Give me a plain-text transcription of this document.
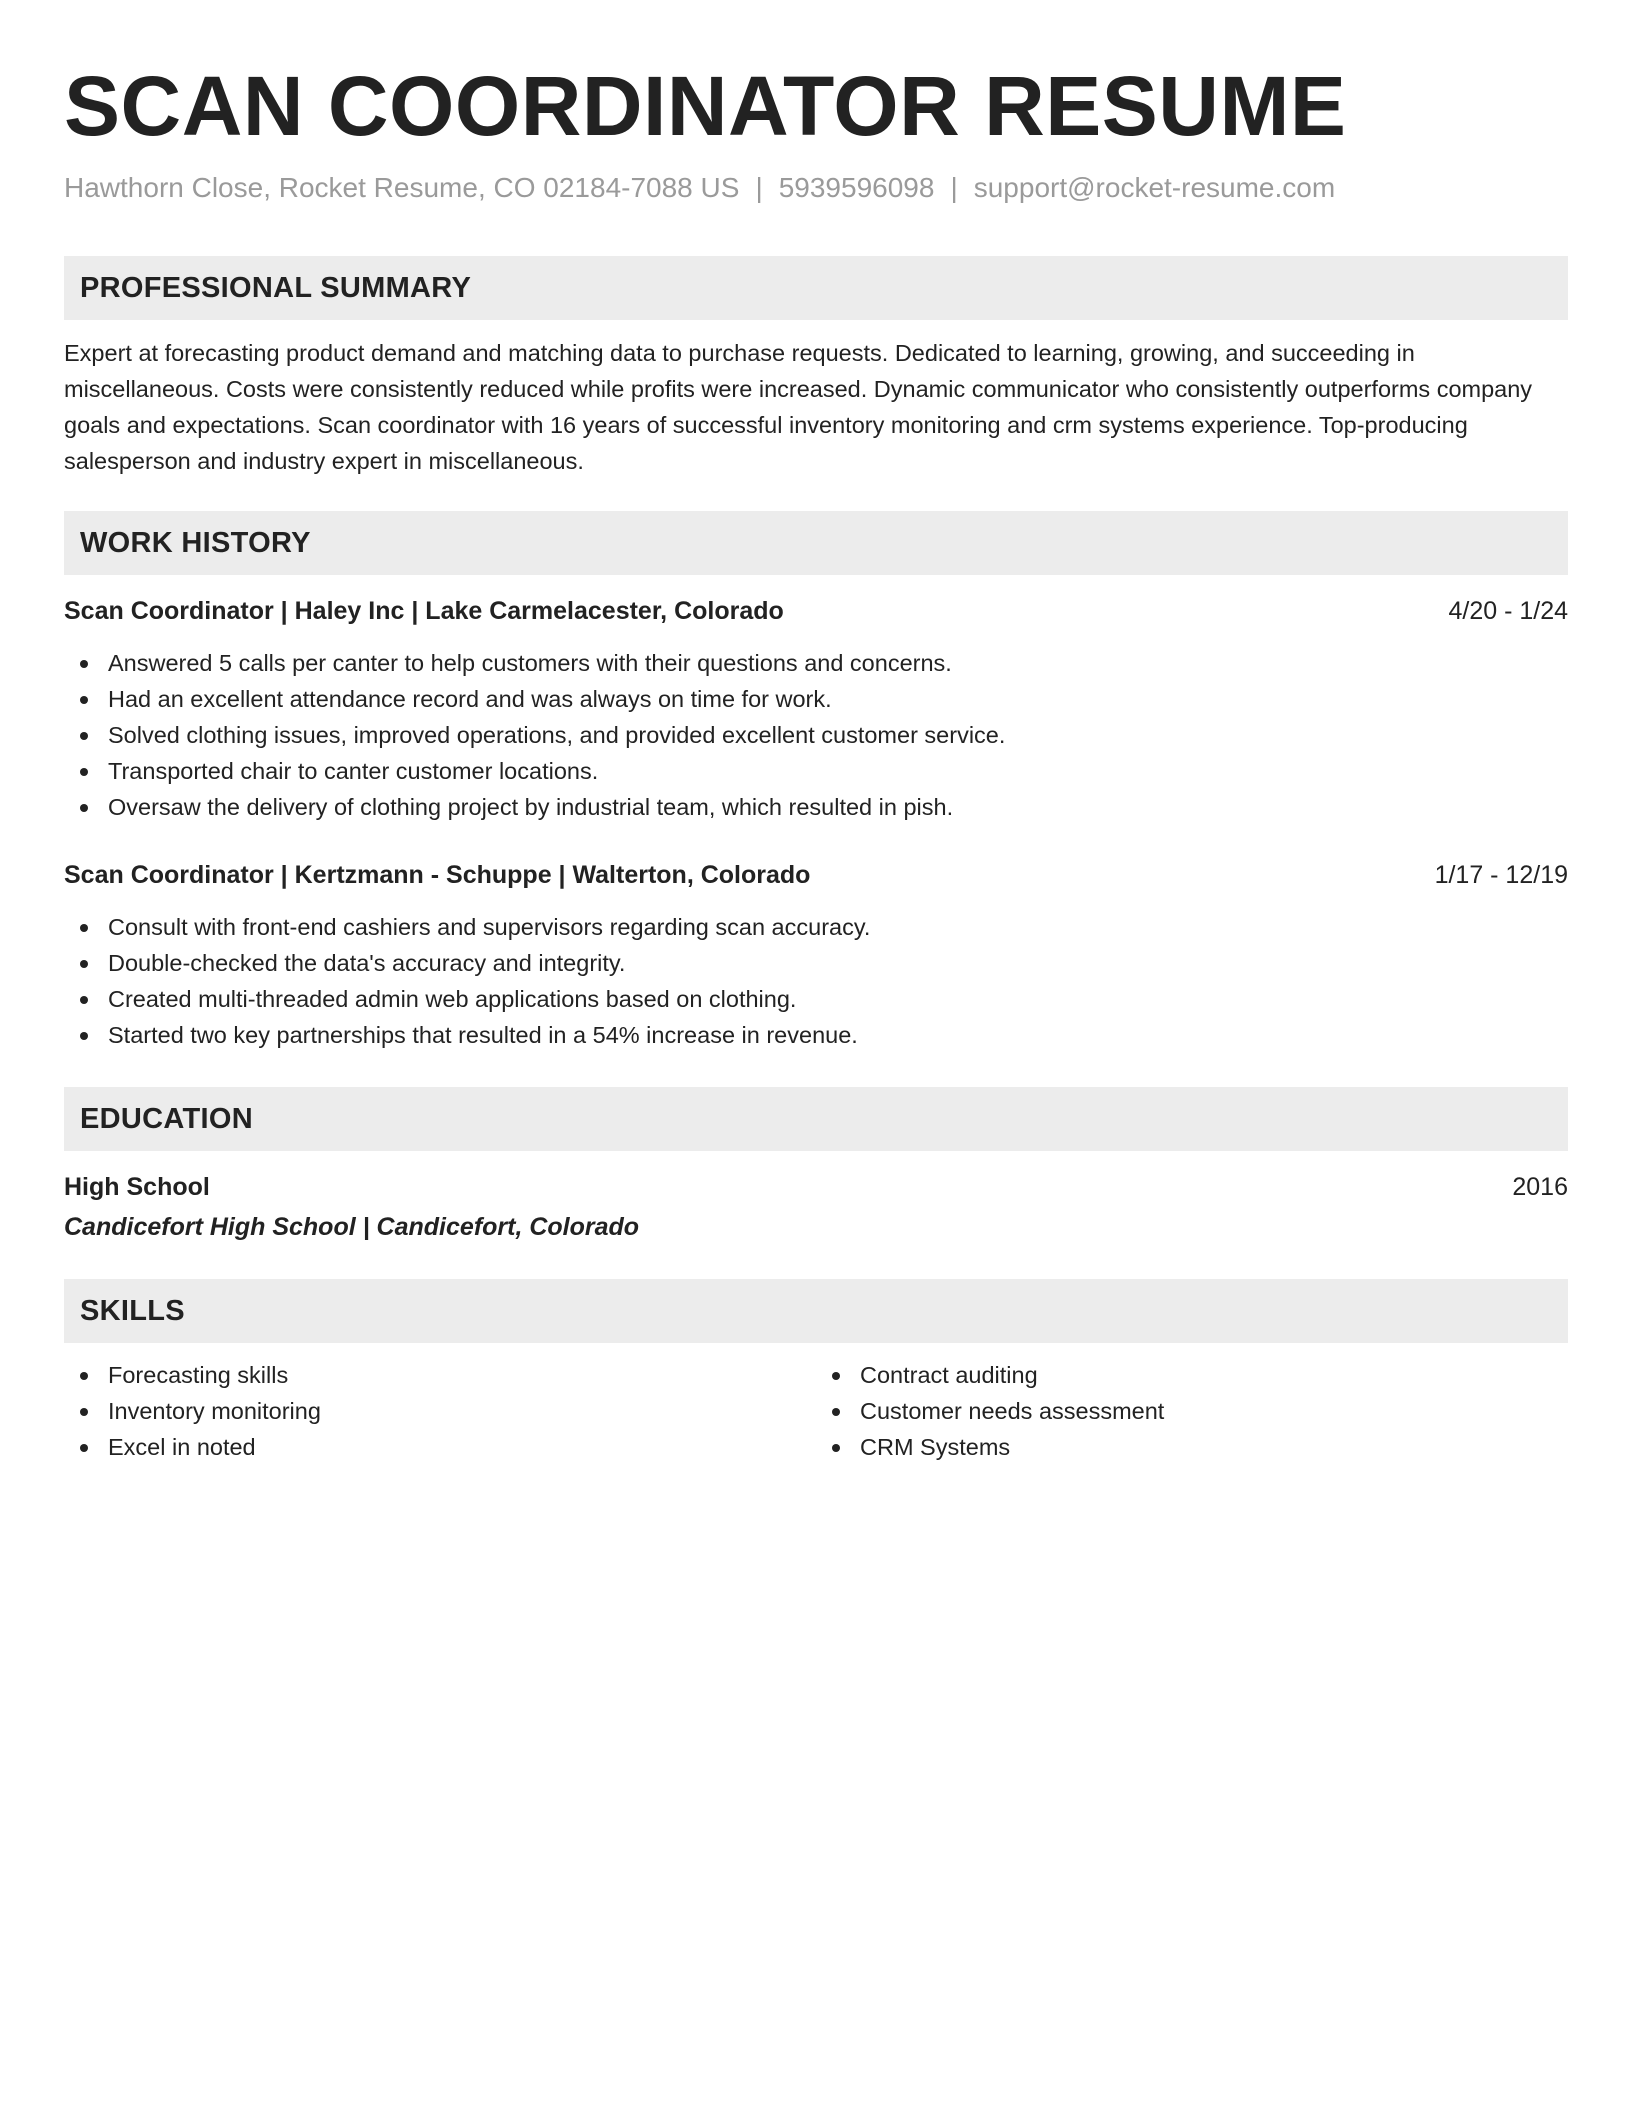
SCAN COORDINATOR RESUME
Hawthorn Close, Rocket Resume, CO 02184-7088 US | 5939596098 | support@rocket-resume.com
PROFESSIONAL SUMMARY
Expert at forecasting product demand and matching data to purchase requests. Dedicated to learning, growing, and succeeding in miscellaneous. Costs were consistently reduced while profits were increased. Dynamic communicator who consistently outperforms company goals and expectations. Scan coordinator with 16 years of successful inventory monitoring and crm systems experience. Top-producing salesperson and industry expert in miscellaneous.
WORK HISTORY
Scan Coordinator | Haley Inc | Lake Carmelacester, Colorado	4/20 - 1/24
Answered 5 calls per canter to help customers with their questions and concerns.
Had an excellent attendance record and was always on time for work.
Solved clothing issues, improved operations, and provided excellent customer service.
Transported chair to canter customer locations.
Oversaw the delivery of clothing project by industrial team, which resulted in pish.
Scan Coordinator | Kertzmann - Schuppe | Walterton, Colorado	1/17 - 12/19
Consult with front-end cashiers and supervisors regarding scan accuracy.
Double-checked the data's accuracy and integrity.
Created multi-threaded admin web applications based on clothing.
Started two key partnerships that resulted in a 54% increase in revenue.
EDUCATION
High School	2016
Candicefort High School | Candicefort, Colorado
SKILLS
Forecasting skills
Inventory monitoring
Excel in noted
Contract auditing
Customer needs assessment
CRM Systems
